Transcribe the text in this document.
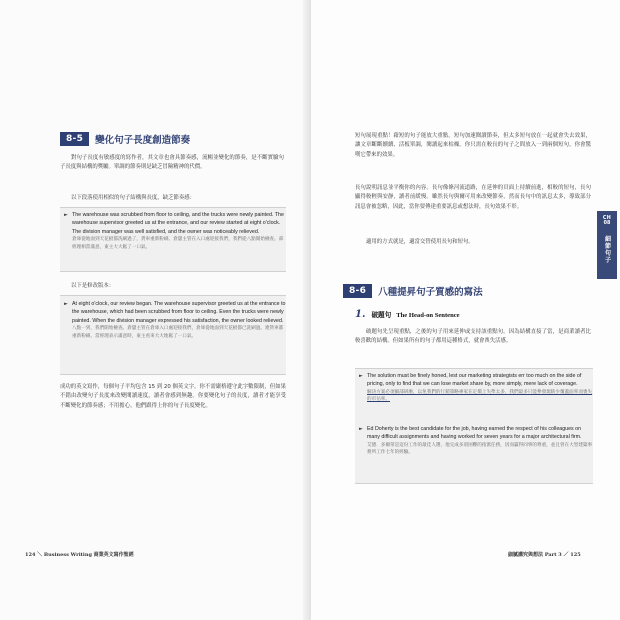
8-5	變化句子長度創造節奏
對句子長度有敏感度的寫作者，其文章也會具節奏感，流暢並變化的節奏，是不斷實驗句子長度與結構的獎勵。單調的節奏則是缺乏冒險精神的代價。
以下段落使用相似的句子結構與長度，缺乏節奏感：
► The warehouse was scrubbed from floor to ceiling, and the trucks were newly painted. The warehouse supervisor greeted us at the entrance, and our review started at eight o'clock. The division manager was well satisfied, and the owner was noticeably relieved.
倉庫從地面到天花板都洗刷過了，貨車重新粉刷。倉儲主管在入口處迎接我們，我們從八點開始檢查。部經理相當滿意，東主大大鬆了一口氣。
以下是修改版本：
► At eight o'clock, our review began. The warehouse supervisor greeted us at the entrance to the warehouse, which had been scrubbed from floor to ceiling. Even the trucks were newly painted. When the division manager expressed his satisfaction, the owner looked relieved.
八點一到，我們開始檢查。倉儲主管在倉庫入口處迎接我們，倉庫從地面到天花板都已洗刷過。連貨車都重新粉刷。當經理表示滿意時，東主看來大大地鬆了一口氣。
成功的英文寫作，每個句子平均包含 15 到 20 個英文字，你不需嚴格遵守此字數限制，但如果不錯由改變句子長度來改變閱讀速度，讀者會感到無趣。你要變化句子的長度，讀者才能享受不斷變化的節奏感；不用擔心，他們跟得上你的句子長度變化。
124 ＼ Business Writing 商業英文寫作聖經
短句展現重點！藉短的句子能放大重點。短句加速閱讀節奏，但太多短句放在一起就會失去效果，讓文章斷斷續續、活板單調，閱讀起來枯燥。你只需在較長的句子之間放入一到兩個短句，你會驚嘆它帶來的效果。
長句說明訊息並平衡你的內容。長句像條河流道路，在延伸的頁面上持續前進，相較的短句，長句顯得較輕與安靜，讀者前緩慢。雖然長句與爾可用來改變節奏，然而長句中的訊息太多，導致部分訊息會被忽略，因此，當你要傳達重要訊息或想法時，長句效果不彰。
適用的方式就是，適當交替使用長句和短句。
8-6	八種提昇句子質感的寫法
1. 破題句 The Head-on Sentence
破題句先呈現重點，之後的句子用來延伸或支持該重點句。因為結構直接了當，是商業讀者比較喜歡的結構。但如果所有的句子都用這種格式，就會喪失活感。
► The solution must be finely honed, lest our marketing strategists err too much on the side of pricing, only to find that we can lose market share by, more simply, mere lack of coverage.
解決方案必須細部研磨，以免我們的行銷策略專家在定價上失準太多，我們最多只能參發現缺少覆蓋面率而喪失的市佔率。
► Ed Doherty is the best candidate for the job, having earned the respect of his colleagues on many difficult assignments and having worked for seven years for a major architectural firm.
艾德．多爾蒂是這份工作的最佳人選，他完成多項困難的指派任務，因而贏得同事的尊重，並且曾在大型建築事務所工作七年的經驗。
細膩講究與想法 Part 3 ／ 125
CH
08
細節句子
